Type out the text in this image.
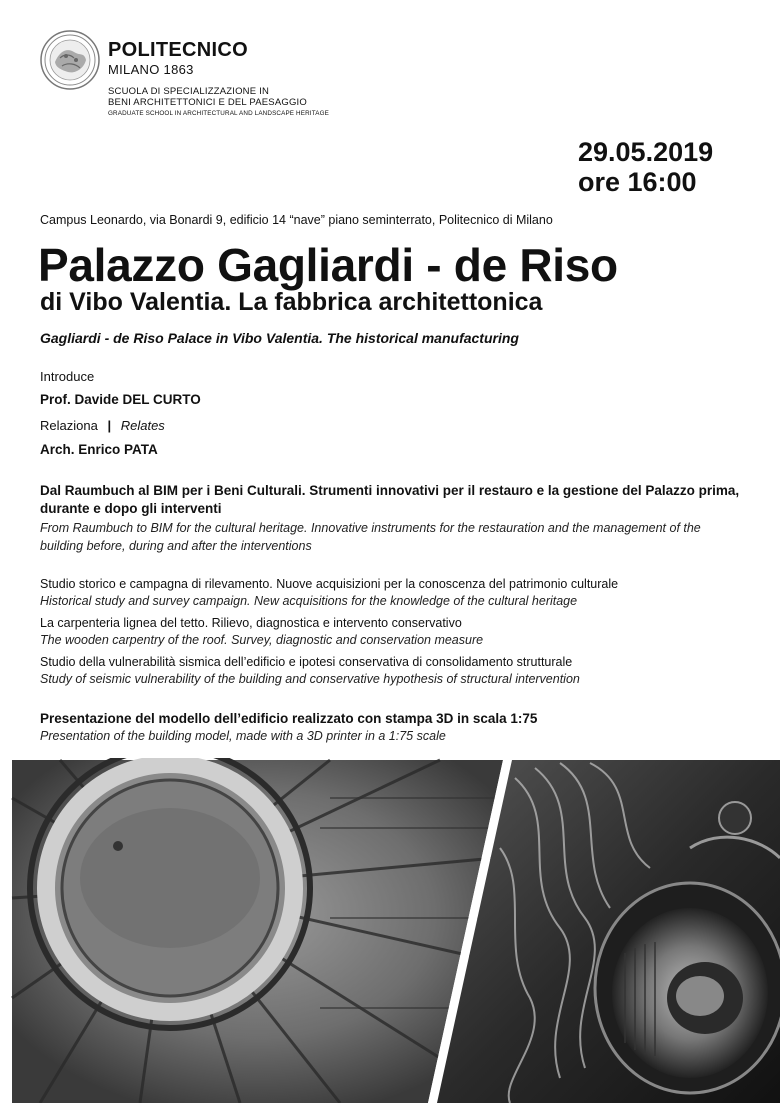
POLITECNICO
MILANO 1863
SCUOLA DI SPECIALIZZAZIONE IN
BENI ARCHITETTONICI E DEL PAESAGGIO
GRADUATE SCHOOL IN ARCHITECTURAL AND LANDSCAPE HERITAGE
29.05.2019
ore 16:00
Campus Leonardo, via Bonardi 9, edificio 14 “nave” piano seminterrato, Politecnico di Milano
Palazzo Gagliardi - de Riso
di Vibo Valentia. La fabbrica architettonica
Gagliardi - de Riso Palace in Vibo Valentia. The historical manufacturing
Introduce
Prof. Davide DEL CURTO
Relaziona | Relates
Arch. Enrico PATA
Dal Raumbuch al BIM per i Beni Culturali. Strumenti innovativi per il restauro e la gestione del Palazzo prima, durante e dopo gli interventi
From Raumbuch to BIM for the cultural heritage. Innovative instruments for the restauration and the management of the building before, during and after the interventions
Studio storico e campagna di rilevamento. Nuove acquisizioni per la conoscenza del patrimonio culturale
Historical study and survey campaign. New acquisitions for the knowledge of the cultural heritage
La carpenteria lignea del tetto. Rilievo, diagnostica e intervento conservativo
The wooden carpentry of the roof. Survey, diagnostic and conservation measure
Studio della vulnerabilità sismica dell’edificio e ipotesi conservativa di consolidamento strutturale
Study of seismic vulnerability of the building and conservative hypothesis of structural intervention
Presentazione del modello dell’edificio realizzato con stampa 3D in scala 1:75
Presentation of the building model, made with a 3D printer in a 1:75 scale
